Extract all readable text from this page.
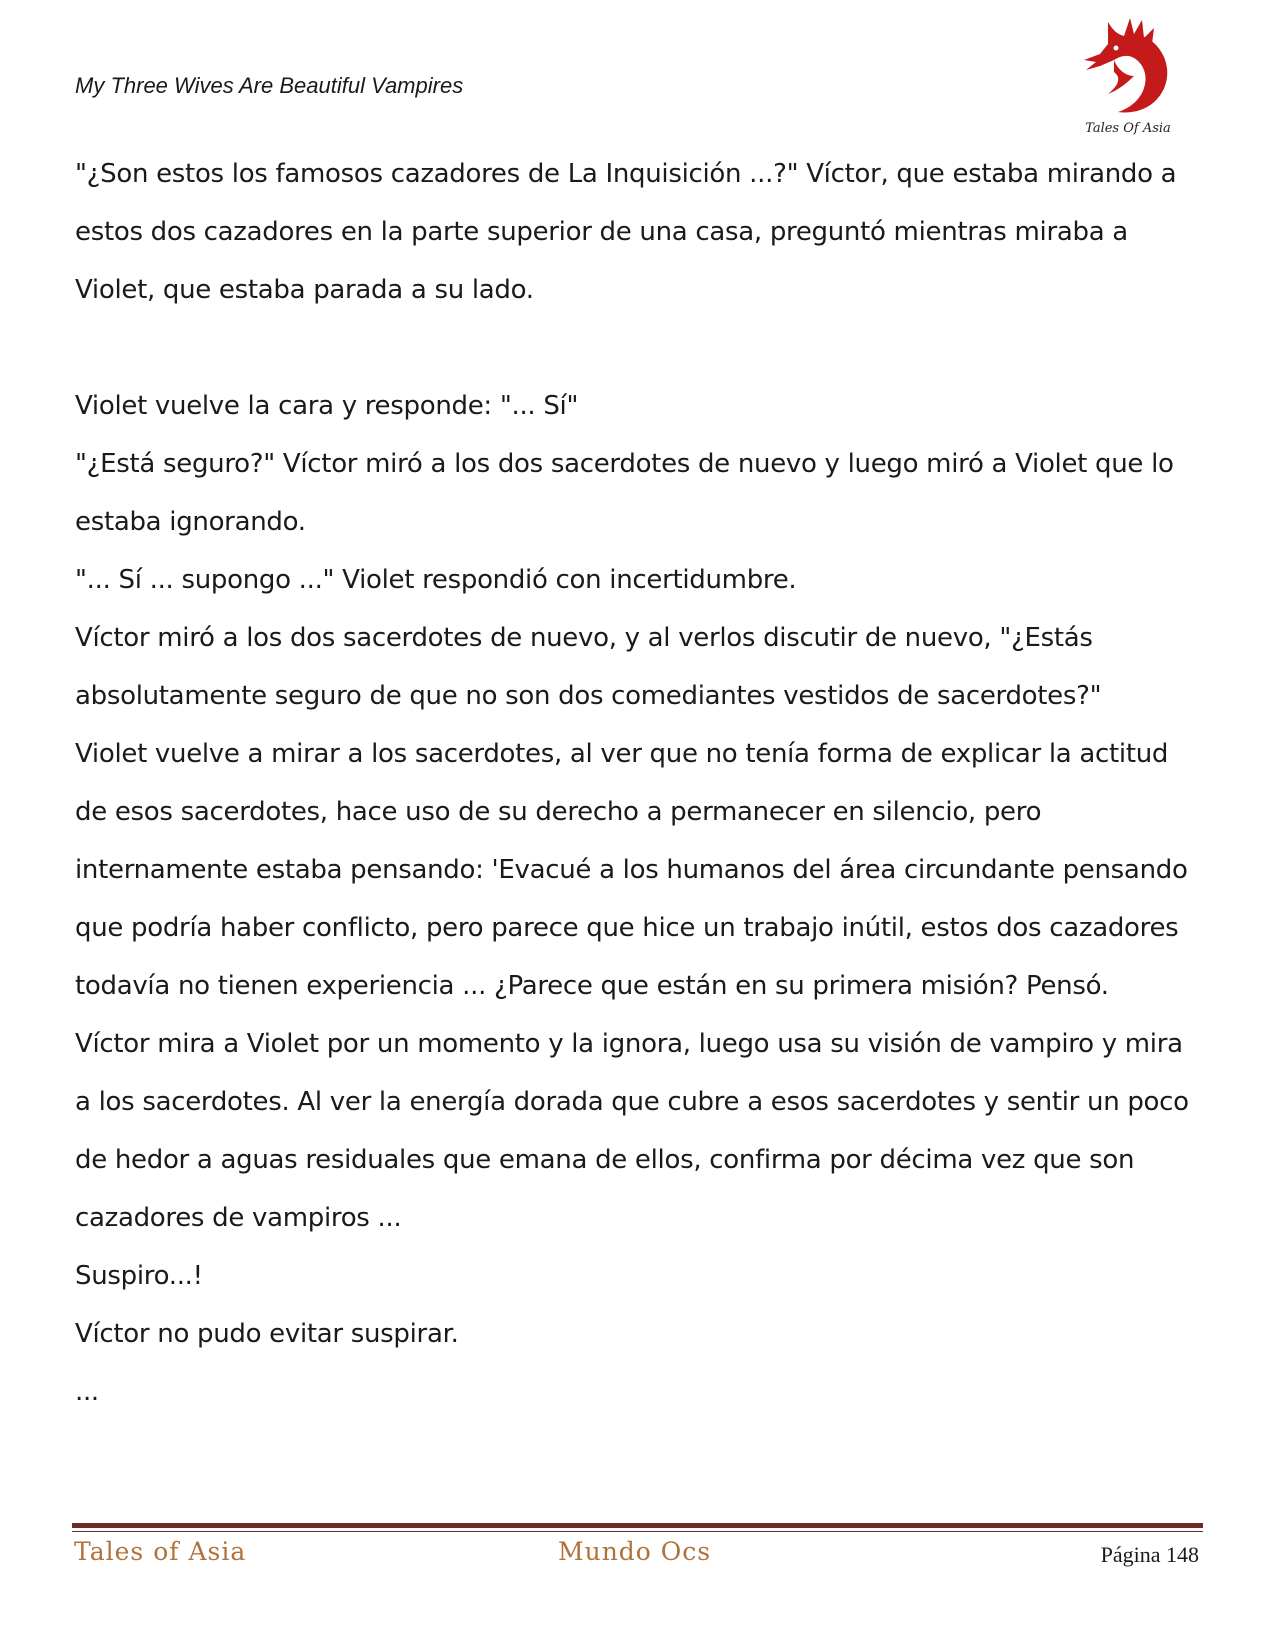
My Three Wives Are Beautiful Vampires
Tales Of Asia

"¿Son estos los famosos cazadores de La Inquisición ...?" Víctor, que estaba mirando a estos dos cazadores en la parte superior de una casa, preguntó mientras miraba a Violet, que estaba parada a su lado.

Violet vuelve la cara y responde: "... Sí"

"¿Está seguro?" Víctor miró a los dos sacerdotes de nuevo y luego miró a Violet que lo estaba ignorando.

"... Sí ... supongo ..." Violet respondió con incertidumbre.

Víctor miró a los dos sacerdotes de nuevo, y al verlos discutir de nuevo, "¿Estás absolutamente seguro de que no son dos comediantes vestidos de sacerdotes?"

Violet vuelve a mirar a los sacerdotes, al ver que no tenía forma de explicar la actitud de esos sacerdotes, hace uso de su derecho a permanecer en silencio, pero internamente estaba pensando: 'Evacué a los humanos del área circundante pensando que podría haber conflicto, pero parece que hice un trabajo inútil, estos dos cazadores todavía no tienen experiencia ... ¿Parece que están en su primera misión? Pensó.

Víctor mira a Violet por un momento y la ignora, luego usa su visión de vampiro y mira a los sacerdotes. Al ver la energía dorada que cubre a esos sacerdotes y sentir un poco de hedor a aguas residuales que emana de ellos, confirma por décima vez que son cazadores de vampiros ...

Suspiro...!

Víctor no pudo evitar suspirar.

...

Tales of Asia	Mundo Ocs	Página 148
